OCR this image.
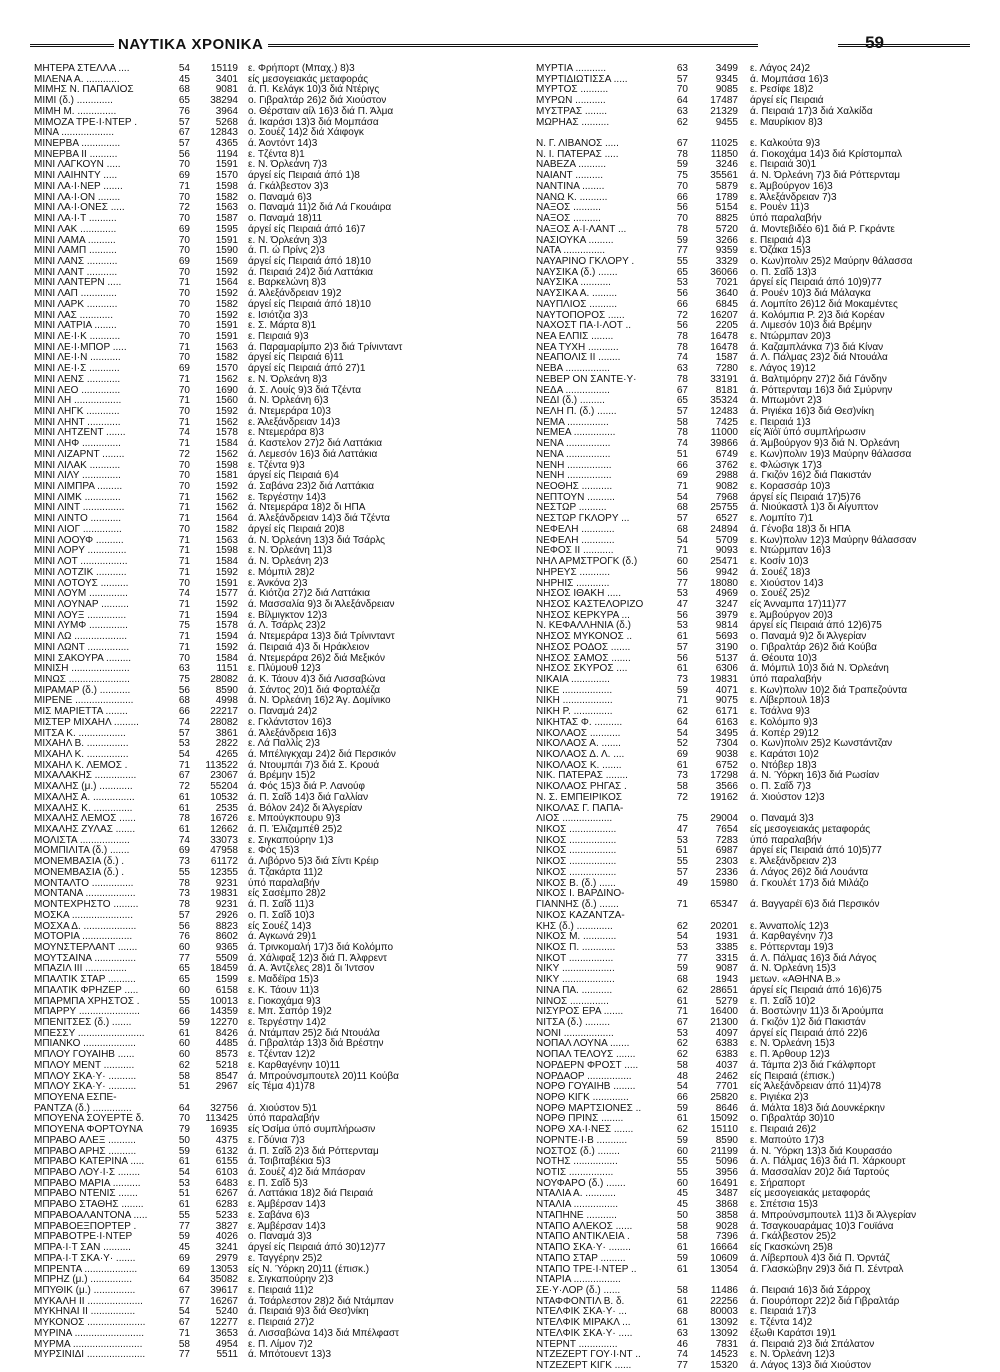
ΝΑΥΤΙΚΑ ΧΡΟΝΙΚΑ	59
ΜΗΤΕΡΑ ΣΤΕΛΛΑ ....	54	15119 ε. Φρήπορτ (Μπαχ.) 8)3
ΜΙΛΕΝΑ Α. ............	45	3401 είς μεσογειακάς μεταφοράς
ΜΙΜΗΣ Ν. ΠΑΠΑΛΙΟΣ	68	9081 ά. Π. Κελάγκ 10)3 διά Ντέριγς
ΜΙΜΙ (δ.) .............	65	38294 ο. Γιβραλτάρ 26)2 διά Χιούστον
ΜΙΜΗ Μ. ..............	76	3964 ο. Θέρσταιν αίλ 16)3 διά Π. Άλμα
ΜΙΜΟΖΑ ΤΡΕ·Ι·ΝΤΕΡ .	57	5268 ά. Ικαράσι 13)3 διά Μομπάσα
ΜΙΝΑ ...................	67	12843 ο. Σουέζ 14)2 διά Χάιφογκ
ΜΙΝΕΡΒΑ ..............	57	4365 ά. Άοντόντ 14)3
ΜΙΝΕΡΒΑ ΙΙ ..........	56	1194 ε. Τζέντα 8)1
ΜΙΝΙ ΛΑΓΚΟΥΝ .....	70	1591 ε. Ν. Όρλεάνη 7)3
ΜΙΝΙ ΛΑΙΗΝΤΥ .....	69	1570 άργεί είς Πειραιά άπό 1)8
ΜΙΝΙ ΛΑ·Ι·ΝΕΡ .......	71	1598 ά. Γκάλβεστον 3)3
ΜΙΝΙ ΛΑ·Ι·ΟΝ ........	70	1582 ο. Παναμά 6)3
ΜΙΝΙ ΛΑ·Ι·ΟΝΕΣ .....	72	1563 ο. Παναμά 11)2 διά Λά Γκουάιρα
ΜΙΝΙ ΛΑ·Ι·Τ ..........	70	1587 ο. Παναμά 18)11
ΜΙΝΙ ΛΑΚ .............	69	1595 άργεί είς Πειραιά άπό 16)7
ΜΙΝΙ ΛΑΜΑ ..........	70	1591 ε. Ν. Όρλεάνη 3)3
ΜΙΝΙ ΛΑΜΠ ..........	70	1590 ά. Π. ώ Πρίνς 2)3
ΜΙΝΙ ΛΑΝΣ ...........	69	1569 άργεί είς Πειραιά άπό 18)10
ΜΙΝΙ ΛΑΝΤ ...........	70	1592 ά. Πειραιά 24)2 διά Λαττάκια
ΜΙΝΙ ΛΑΝΤΕΡΝ .....	71	1564 ε. Βαρκελώνη 8)3
ΜΙΝΙ ΛΑΠ .............	70	1592 ά. Άλεξάνδρειαν 19)2
ΜΙΝΙ ΛΑΡΚ ...........	70	1582 άργεί είς Πειραιά άπό 18)10
ΜΙΝΙ ΛΑΣ ............	70	1592 ε. Ισιότζια 3)3
ΜΙΝΙ ΛΑΤΡΙΑ ........	70	1591 ε. Σ. Μάρτα 8)1
ΜΙΝΙ ΛΕ·Ι·Κ ...........	70	1591 ε. Πειραιά 9)3
ΜΙΝΙ ΛΕ·Ι·ΜΠΟΡ .....	71	1563 ά. Παραμαρίμπο 2)3 διά Τρίνινταντ
ΜΙΝΙ ΛΕ·Ι·Ν ...........	70	1582 άργεί είς Πειραιά 6)11
ΜΙΝΙ ΛΕ·Ι·Σ ...........	69	1570 άργεί είς Πειραιά άπό 27)1
ΜΙΝΙ ΛΕΝΣ ............	71	1562 ε. Ν. Όρλεάνη 8)3
ΜΙΝΙ ΛΕΟ ..............	70	1690 ά. Σ. Λουίς 9)3 διά Τζέντα
ΜΙΝΙ ΛΗ .................	71	1560 ά. Ν. Όρλεάνη 6)3
ΜΙΝΙ ΛΗΓΚ ............	70	1592 ά. Ντεμεράρα 10)3
ΜΙΝΙ ΛΗΝΤ ............	71	1562 ε. Άλεξάνδρειαν 14)3
ΜΙΝΙ ΛΗΤΖΕΝΤ .......	74	1578 ε. Ντεμεράρα 8)3
ΜΙΝΙ ΛΗΦ ..............	71	1584 ά. Καστελον 27)2 διά Λαττάκια
ΜΙΝΙ ΛΙΖΑΡΝΤ ........	72	1562 ά. Λεμεσόν 16)3 διά Λαττάκια
ΜΙΝΙ ΛΙΛΑΚ ...........	70	1598 ε. Τζέντα 9)3
ΜΙΝΙ ΛΙΛΥ ..............	70	1581 άργεί είς Πειραιά 6)4
ΜΙΝΙ ΛΙΜΠΡΑ .........	70	1592 ά. Σαβάνα 23)2 διά Λαττάκια
ΜΙΝΙ ΛΙΜΚ .............	71	1562 ε. Τεργέστην 14)3
ΜΙΝΙ ΛΙΝΤ ...............	71	1562 ά. Ντεμεράρα 18)2 δι ΗΠΑ
ΜΙΝΙ ΛΙΝΤΟ ...........	71	1564 ά. Άλεξάνδρειαν 14)3 διά Τζέντα
ΜΙΝΙ ΛΙΟΓ ..............	70	1582 άργεί είς Πειραιά 20)8
ΜΙΝΙ ΛΟΟΥΦ ..........	71	1563 ά. Ν. Όρλεάνη 13)3 διά Τσάρλς
ΜΙΝΙ ΛΟΡΥ ..............	71	1598 ε. Ν. Όρλεάνη 11)3
ΜΙΝΙ ΛΟΤ .................	71	1584 ά. Ν. Όρλεάνη 2)3
ΜΙΝΙ ΛΟΤΖΙΚ ...........	71	1592 ε. Μόμπιλ 28)2
ΜΙΝΙ ΛΟΤΟΥΣ ..........	70	1591 ε. Άνκόνα 2)3
ΜΙΝΙ ΛΟΥΜ ..............	74	1577 ά. Κιότζια 27)2 διά Λαττάκια
ΜΙΝΙ ΛΟΥΝΑΡ ..........	71	1592 ά. Μασσαλία 9)3 δι Άλεξάνδρειαν
ΜΙΝΙ ΛΟΥΞ ..............	71	1594 ε. Βίλμιγκτον 12)3
ΜΙΝΙ ΛΥΜΦ ..............	75	1578 ά. Λ. Τσάρλς 23)2
ΜΙΝΙ ΛΩ ...................	71	1594 ά. Ντεμεράρα 13)3 διά Τρίνινταντ
ΜΙΝΙ ΛΩΝΤ ...............	71	1592 ά. Πειραιά 4)3 δι Ηράκλειον
ΜΙΝΙ ΣΑΚΟΥΡΑ .........	70	1584 ά. Ντεμεράρα 26)2 διά Μεξικόν
ΜΙΝΙΣΗ .....................	63	1151 ε. Πλύμουθ 12)3
ΜΙΝΩΣ ......................	75	28082 ά. Κ. Τάουν 4)3 διά Λισσαβώνα
ΜΙΡΑΜΑΡ (δ.) ...........	56	8590 ά. Σάντος 20)1 διά Φορταλέζα
ΜΙΡΕΝΕ .....................	68	4998 ά. Ν. Όρλεάνη 16)2 Άγ. Δομίνικο
ΜΙΣ ΜΑΡΙΕΤΤΑ ........	66	22217 ο. Παναμά 24)2
ΜΙΣΤΕΡ ΜΙΧΑΗΛ .........	74	28082 ε. Γκλάντστον 16)3
ΜΙΤΣΑ Κ. .................	57	3861 ά. Άλεξάνδρεια 16)3
ΜΙΧΑΗΛ Β. ...............	53	2822 ε. Λά Παλλίς 2)3
ΜΙΧΑΗΛ Κ. ...............	54	4265 ά. Μπέλιγκχαμ 24)2 διά Περσικόν
ΜΙΧΑΗΛ Κ. ΛΕΜΟΣ .	71	113522 ά. Ντουμπάι 7)3 διά Σ. Κρουά
ΜΙΧΑΛΑΚΗΣ ...............	67	23067 ά. Βρέμην 15)2
ΜΙΧΑΛΗΣ (μ.) ............	72	55204 ά. Φός 15)3 διά Ρ. Λανούφ
ΜΙΧΑΛΗΣ Α. ...............	61	10532 ά. Π. Σαΐδ 14)3 διά Γαλλίαν
ΜΙΧΑΛΗΣ Κ. ..............	61	2535 ά. Βόλον 24)2 δι Άλγερίαν
ΜΙΧΑΛΗΣ ΛΕΜΟΣ ......	78	16726 ε. Μπούγκπουρυ 9)3
ΜΙΧΑΛΗΣ ΖΥΛΑΣ .......	61	12662 ά. Π. Έλιζαμπέθ 25)2
ΜΟΛΙΣΤΑ ..................	74	33073 ε. Σιγκαπούρην 1)3
ΜΟΜΠΙΛΙΤΑ (δ.) .......	69	47958 ε. Φός 15)3
ΜΟΝΕΜΒΑΣΙΑ (δ.) .	73	61172 ά. Λιβόρνο 5)3 διά Σίντι Κρέιρ
ΜΟΝΕΜΒΑΣΙΑ (δ.) .	55	12355 ά. Τζακάρτα 11)2
ΜΟΝΤΑΛΤΟ ...............	78	9231 ύπό παραλαβήν
ΜΟΝΤΑΝΑ ..................	73	19831 είς Σασέμπο 28)2
ΜΟΝΤΕΧΡΗΣΤΟ .........	78	9231 ά. Π. Σαΐδ 11)3
ΜΟΣΚΑ ......................	57	2926 ο. Π. Σαΐδ 10)3
ΜΟΣΧΑ Δ. ...................	56	8823 είς Σουέζ 14)3
ΜΟΤΟΡΙΑ ..................	76	8602 ά. Αγκωνά 29)1
ΜΟΥΝΣΤΕΡΛΑΝΤ .......	60	9365 ά. Τρινκομαλή 17)3 διά Κολόμπο
ΜΟΥΤΣΑΙΝΑ ...............	77	5509 ά. Χάλιφαξ 12)3 διά Π. Άλφρεντ
ΜΠΑΖΙΛ ΙΙΙ ...............	65	18459 ά. Α. Άντζελες 28)1 δι Ίντσον
ΜΠΑΛΤΙΚ ΣΤΑΡ ..........	65	1599 ε. Μαδέϊρα 15)3
ΜΠΑΛΤΙΚ ΦΡΗΖΕΡ .....	60	6158 ε. Κ. Τάουν 11)3
ΜΠΑΡΜΠΑ ΧΡΗΣΤΟΣ .	55	10013 ε. Γιοκοχάμα 9)3
ΜΠΑΡΡΥ ......................	66	14359 ε. Μπ. Σαπόρ 19)2
ΜΠΕΝΙΤΣΕΣ (δ.) .......	59	12270 ε. Τεργέστην 14)2
ΜΠΕΣΣΥ ........................	61	8426 ά. Ντάμπαν 25)2 διά Ντουάλα
ΜΠΙΑΝΚΟ ...................	60	4485 ά. Γιβραλτάρ 13)3 διά Βρέστην
ΜΠΛΟΥ ΓΟΥΑΙΗΒ ......	60	8573 ε. Τζένταν 12)2
ΜΠΛΟΥ ΜΕΝΤ ...........	62	5218 ε. Καρθαγένην 10)11
ΜΠΛΟΥ ΣΚΑ·Υ· ..........	58	8547 ά. Μπρούνσμπουτελ 20)11 Κούβα
ΜΠΛΟΥ ΣΚΑ·Υ· ..........	51	2967 είς Τέμα 4)1)78
ΜΠΟΥΕΝΑ ΕΣΠΕ-
ΡΑΝΤΖΑ (δ.) ..............	64	32756 ά. Χιούστον 5)1
ΜΠΟΥΕΝΑ ΣΟΥΕΡΤΕ δ.	70	113425 ύπό παραλαβήν
ΜΠΟΥΕΝΑ ΦΟΡΤΟΥΝΑ	79	16935 είς Όσίμα ύπό συμπλήρωσιν
ΜΠΡΑΒΟ ΑΛΕΞ ..........	50	4375 ε. Γδύνια 7)3
ΜΠΡΑΒΟ ΑΡΗΣ ..........	59	6132 ά. Π. Σαΐδ 2)3 διά Ρόττερνταμ
ΜΠΡΑΒΟ ΚΑΤΕΡΙΝΑ .....	61	6155 ά. Τσιβιταβέκια 5)3
ΜΠΡΑΒΟ ΛΟΥ·Ι·Σ ........	54	6103 ά. Σουέζ 4)2 διά Μπάσραν
ΜΠΡΑΒΟ ΜΑΡΙΑ ..........	53	6483 ε. Π. Σαΐδ 5)3
ΜΠΡΑΒΟ ΝΤΕΝΙΣ .......	51	6267 ά. Λαττάκια 18)2 διά Πειραιά
ΜΠΡΑΒΟ ΣΤΑΘΗΣ ........	61	6283 ε. Άμβέρσαν 14)3
ΜΠΡΑΒΟΑΛΑΝΤΟΝΑ .....	55	5233 ε. Σαβάνα 6)3
ΜΠΡΑΒΟΕΞΠΟΡΤΕΡ .	77	3827 ε. Άμβέρσαν 14)3
ΜΠΡΑΒΟΤΡΕ·Ι·ΝΤΕΡ	59	4026 ο. Παναμά 3)3
ΜΠΡΑ·Ι·Τ ΣΑΝ ..........	45	3241 άργεί είς Πειραιά άπό 30)12)77
ΜΠΡΑ·Ι·Τ ΣΚΑ·Υ· .......	69	2979 ε. Ταγγέρην 25)2
ΜΠΡΕΝΤΑ ...................	69	13053 είς Ν. Ύόρκη 20)11 (έπισκ.)
ΜΠΡΗΖ (μ.) ...............	64	35082 ε. Σιγκαπούρην 2)3
ΜΠΥΘΙΚ (μ.) ...............	67	39617 ε. Πειραιά 11)2
ΜΥΚΑΛΗ ΙΙ ....................	77	16267 ά. Τσάρλεστον 28)2 διά Ντάμπαν
ΜΥΚΗΝΑΙ ΙΙ ................	54	5240 ά. Πειραιά 9)3 διά Θεσ)νίκη
ΜΥΚΟΝΟΣ .....................	67	12277 ε. Πειραιά 27)2
ΜΥΡΙΝΑ .........................	71	3653 ά. Λισσαβώνα 14)3 διά Μπέλφαστ
ΜΥΡΜΑ .........................	58	4954 ε. Π. Λίμον 7)2
ΜΥΡΣΙΝΙΔΙ .....................	77	5511 ά. Μπότουεντ 13)3
ΜΥΡΤΙΑ ...........	63	3499 ε. Λάγος 24)2
ΜΥΡΤΙΔΙΩΤΙΣΣΑ .....	57	9345 ά. Μομπάσα 16)3
ΜΥΡΤΟΣ ..........	70	9085 ε. Ρεσίφε 18)2
ΜΥΡΩΝ ...........	64	17487 άργεί είς Πειραιά
ΜΥΣΤΡΑΣ ........	63	21329 ά. Πειραιά 17)3 διά Χαλκίδα
ΜΩΡΗΑΣ ..........	62	9455 ε. Μαυρίκιον 8)3
Ν. Γ. ΛΙΒΑΝΟΣ .....	67	11025 ε. Καλκούτα 9)3
Ν. Ι. ΠΑΤΕΡΑΣ .....	78	11850 ά. Γιοκοχάμα 14)3 διά Κρίστομπαλ
ΝΑΒΕΖΑ ..........	59	3246 ε. Πειραιά 30)1
ΝΑΙΑΝΤ ..........	75	35561 ά. Ν. Όρλεάνη 7)3 διά Ρόττερνταμ
ΝΑΝΤΙΝΑ ........	70	5879 ε. Άμβούργον 16)3
ΝΑΝΩ Κ. ..........	66	1789 ε. Άλεξάνδρειαν 7)3
ΝΑΞΟΣ ..........	56	5154 ε. Ρουέν 11)3
ΝΑΞΟΣ ..........	70	8825 ύπό παραλαβήν
ΝΑΞΟΣ Α·Ι·ΛΑΝΤ ...	78	5720 ά. Μοντεβιδέο 6)1 διά Ρ. Γκράντε
ΝΑΣΙΟΥΚΑ .........	59	3266 ε. Πειραιά 4)3
ΝΑΤΑ ...............	77	9359 ε. Όζάκα 15)3
ΝΑΥΑΡΙΝΟ ΓΚΛΟΡΥ .	55	3329 ο. Κων)πολιν 25)2 Μαύρην θάλασσα
ΝΑΥΣΙΚΑ (δ.) .......	65	36066 ο. Π. Σαΐδ 13)3
ΝΑΥΣΙΚΑ ...........	53	7021 άργεί είς Πειραιά άπό 10)9)77
ΝΑΥΣΙΚΑ Α. .........	56	3640 ά. Ρουέν 10)3 διά Μάλαγκα
ΝΑΥΠΛΙΟΣ ..........	66	6845 ά. Λομπίτο 26)12 διά Μοκαμέντες
ΝΑΥΤΟΠΟΡΟΣ ......	72	16207 ά. Κολόμπια Ρ. 2)3 διά Κορέαν
ΝΑΧΟΣΤ ΠΑ·Ι·ΛΟΤ ..	56	2205 ά. Λιμεσόν 10)3 διά Βρέμην
ΝΕΑ ΕΛΠΙΣ ........	78	16478 ε. Ντώρμπαν 20)3
ΝΕΑ ΤΥΧΗ ...........	78	16478 ά. Καζαμπλάνκα 7)3 διά Κίναν
ΝΕΑΠΟΛΙΣ ΙΙ ........	74	1587 ά. Λ. Πάλμας 23)2 διά Ντουάλα
ΝΕΒΑ ................	63	7280 ε. Λάγος 19)12
ΝΕΒΕΡ ΟΝ ΣΑΝΤΕ·Υ·	78	33191 ά. Βαλτιμόρην 27)2 διά Γάνδην
ΝΕΔΑ ................	67	8181 ά. Ρόττερνταμ 16)3 διά Σμύρνην
ΝΕΔΙ (δ.) .........	65	35324 ά. Μπωμόντ 2)3
ΝΕΛΗ Π. (δ.) .......	57	12483 ά. Ριγιέκα 16)3 διά Θεσ)νίκη
ΝΕΜΑ ...............	58	7425 ε. Πειραιά 1)3
ΝΕΜΕΑ ...............	78	11000 είς Άϊόϊ ύπό συμπλήρωσιν
ΝΕΝΑ ................	74	39866 ά. Άμβούργον 9)3 διά Ν. Όρλεάνη
ΝΕΝΑ ................	51	6749 ε. Κων)πολιν 19)3 Μαύρην θάλασσα
ΝΕΝΗ ................	66	3762 ε. Φλώσιγκ 17)3
ΝΕΝΗ ................	69	2988 ά. Γκιζόν 16)2 διά Πακιστάν
ΝΕΟΘΗΣ ...........	71	9082 ε. Κορασσάρ 10)3
ΝΕΠΤΟΥΝ ..........	54	7968 άργεί είς Πειραιά 17)5)76
ΝΕΣΤΩΡ ..........	68	25755 ά. Νιούκαστλ 1)3 δι Αίγυπτον
ΝΕΣΤΩΡ ΓΚΛΟΡΥ ...	57	6527 ε. Λομπίτο 7)1
ΝΕΦΕΛΗ ............	68	24894 ά. Γένοβα 18)3 δι ΗΠΑ
ΝΕΦΕΛΗ ............	54	5709 ε. Κων)πολιν 12)3 Μαύρην θάλασσαν
ΝΕΦΟΣ ΙΙ ...........	71	9093 ε. Ντώρμπαν 16)3
ΝΗΛ ΑΡΜΣΤΡΟΓΚ (δ.)	60	25471 ε. Κοσίν 10)3
ΝΗΡΕΥΣ ...........	56	9942 ά. Σουέζ 18)3
ΝΗΡΗΙΣ ............	77	18080 ε. Χιούστον 14)3
ΝΗΣΟΣ ΙΘΑΚΗ .....	53	4969 ο. Σουέζ 25)2
ΝΗΣΟΣ ΚΑΣΤΕΛΟΡΙΖΟ	47	3247 είς Άνναμπα 17)11)77
ΝΗΣΟΣ ΚΕΡΚΥΡΑ ...	56	3979 ε. Άμβούργον 20)3
Ν. ΚΕΦΑΛΛΗΝΙΑ (δ.)	53	9814 άργεί είς Πειραιά άπό 12)6)75
ΝΗΣΟΣ ΜΥΚΟΝΟΣ ..	61	5693 ο. Παναμά 9)2 δι Άλγερίαν
ΝΗΣΟΣ ΡΟΔΟΣ .......	57	3190 ο. Γιβραλτάρ 26)2 διά Κούβα
ΝΗΣΟΣ ΣΑΜΟΣ .......	56	5137 ά. Θέουτα 10)3
ΝΗΣΟΣ ΣΚΥΡΟΣ ....	61	6306 ά. Μόμπιλ 10)3 διά Ν. Όρλεάνη
ΝΙΚΑΙΑ ..............	73	19831 ύπό παραλαβήν
ΝΙΚΕ ..................	59	4071 ε. Κων)πολιν 10)2 διά Τραπεζούντα
ΝΙΚΗ ..................	71	9075 ε. Λίβερπουλ 18)3
ΝΙΚΗ Ρ. ..............	62	6171 ε. Τσάλνα 9)3
ΝΙΚΗΤΑΣ Φ. ..........	64	6163 ε. Κολόμπο 9)3
ΝΙΚΟΛΑΟΣ ...........	54	3495 ά. Κοπέρ 29)12
ΝΙΚΟΛΑΟΣ Α. .......	52	7304 ο. Κων)πολιν 25)2 Κωνστάντζαν
ΝΙΚΟΛΑΟΣ Δ. Λ. ....	69	9038 ε. Καράτσι 10)2
ΝΙΚΟΛΑΟΣ Κ. .......	61	6752 ο. Ντόβερ 18)3
ΝΙΚ. ΠΑΤΕΡΑΣ ........	73	17298 ά. Ν. Ύόρκη 16)3 διά Ρωσίαν
ΝΙΚΟΛΑΟΣ ΡΗΓΑΣ .	58	3566 ο. Π. Σαΐδ 7)3
Ν. Σ. ΕΜΠΕΙΡΙΚΟΣ	72	19162 ά. Χιούστον 12)3
ΝΙΚΟΛΑΣ Γ. ΠΑΠΑ-
ΛΙΟΣ ..................	75	29004 ο. Παναμά 3)3
ΝΙΚΟΣ .................	47	7654 είς μεσογειακάς μεταφοράς
ΝΙΚΟΣ .................	53	7283 ύπό παραλαβήν
ΝΙΚΟΣ .................	51	6987 άργεί είς Πειραιά άπό 10)5)77
ΝΙΚΟΣ .................	55	2303 ε. Άλεξάνδρειαν 2)3
ΝΙΚΟΣ .................	57	2336 ά. Λάγος 26)2 διά Λουάντα
ΝΙΚΟΣ Β. (δ.) ......	49	15980 ά. Γκουλέτ 17)3 διά Μιλάζο
ΝΙΚΟΣ Ι. ΒΑΡΔΙΝΟ-
ΓΙΑΝΝΗΣ (δ.) .......	71	65347 ά. Βαγγαρέϊ 6)3 διά Περσικόν
ΝΙΚΟΣ ΚΑΖΑΝΤΖΑ-
ΚΗΣ (δ.) .............	62	20201 ε. Άνναπολίς 12)3
ΝΙΚΟΣ Μ. ............	54	1931 ά. Καρθαγένην 7)3
ΝΙΚΟΣ Π. ............	53	3385 ε. Ρόττερνταμ 19)3
ΝΙΚΟΤ ................	77	3315 ά. Λ. Πάλμας 16)3 διά Λάγος
ΝΙΚΥ ...................	59	9087 ά. Ν. Όρλεάνη 15)3
ΝΙΚΥ ...................	68	1943 μετων. «ΑΘΗΝΑ Β.»
ΝΙΝΑ ΠΑ. ...........	62	28651 άργεί είς Πειραιά άπό 16)6)75
ΝΙΝΟΣ ..............	61	5279 ε. Π. Σαΐδ 10)2
ΝΙΣΥΡΟΣ ΕΡΑ .......	71	16400 ά. Βοστώνην 11)3 δι Άρούμπα
ΝΙΤΣΑ (δ.) .........	67	21300 ά. Γκιζόν 1)2 διά Πακιστάν
ΝΟΝΙ ..................	53	4097 άργεί είς Πειραιά άπό 22)6
ΝΟΠΑΛ ΛΟΥΝΑ .......	62	6383 ε. Ν. Όρλεάνη 15)3
ΝΟΠΑΛ ΤΕΛΟΥΣ .......	62	6383 ε. Π. Άρθουρ 12)3
ΝΟΡΔΕΡΝ ΦΡΟΣΤ .....	58	4037 ά. Τάμπα 2)3 διά Γκάλφπορτ
ΝΟΡΔΑΟΡ ................	48	2462 είς Πειραιά (έπισκ.)
ΝΟΡΘ ΓΟΥΑΙΗΒ ........	54	7701 είς Άλεξάνδρειαν άπό 11)4)78
ΝΟΡΘ ΚΙΓΚ .............	66	25820 ε. Ριγιέκα 2)3
ΝΟΡΘ ΜΑΡΤΣΙΟΝΕΣ ..	59	8646 ά. Μάλτα 18)3 διά Δουνκέρκην
ΝΟΡΘ ΠΡΙΝΣ ........	61	15092 ο. Γιβραλτάρ 30)10
ΝΟΡΘ ΧΑ·Ι·ΝΕΣ .......	62	15110 ε. Πειραιά 26)2
ΝΟΡΝΤΕ·Ι·Β ...........	59	8590 ε. Μαπούτο 17)3
ΝΟΣΤΟΣ (δ.) ........	60	21199 ά. Ν. Ύόρκη 13)3 διά Κουρασάο
ΝΟΤΗΣ ................	55	5096 ά. Λ. Πάλμας 16)3 διά Π. Χάρκουρτ
ΝΟΤΙΣ ................	55	3956 ά. Μασσαλίαν 20)2 διά Ταρτούς
ΝΟΥΦΑΡΟ (δ.) .......	60	16491 ε. Σήραπορτ
ΝΤΑΛΙΑ Α. ...........	45	3487 είς μεσογειακάς μεταφοράς
ΝΤΑΛΙΑ ................	45	3868 ε. Σπέτσια 15)3
ΝΤΑΠΗΝΕ ...........	50	3858 ά. Μπρούνσμπουτελ 11)3 δι Άλγερίαν
ΝΤΑΠΟ ΑΛΕΚΟΣ ......	58	9028 ά. Τσαγκουαράμας 10)3 Γουϊάνα
ΝΤΑΠΟ ΑΝΤΙΚΛΕΙΑ .	58	7396 ά. Γκάλβεστον 25)2
ΝΤΑΠΟ ΣΚΑ·Υ· ........	61	16664 είς Γκασκώνη 25)8
ΝΤΑΠΟ ΣΤΑΡ .........	59	10609 ά. Λίβερπουλ 4)3 διά Π. Όρντάζ
ΝΤΑΠΟ ΤΡΕ·Ι·ΝΤΕΡ ..	61	13054 ά. Γλασκώβην 29)3 διά Π. Σέντραλ
ΝΤΑΡΙΑ .................
ΣΕ·Υ·ΛΟΡ (δ.) ......	58	11486 ά. Πειραιά 16)3 διά Σάρροχ
ΝΤΑΦΦΟΝΤΙΛ Β. δ.	61	22256 ά. Γιουρόπορτ 22)2 διά Γιβραλτάρ
ΝΤΕΛΦΙΚ ΣΚΑ·Υ· ...	68	80003 ε. Πειραιά 17)3
ΝΤΕΛΦΙΚ ΜΙΡΑΚΛ ...	61	13092 ε. Τζέντα 14)2
ΝΤΕΛΦΙΚ ΣΚΑ·Υ· .....	63	13092 έξωθι Καράτσι 19)1
ΝΤΕΡΝΤ ..............	46	7831 ά. Πειραιά 2)3 διά Σπάλατον
ΝΤΖΕΖΕΡΤ ΓΟΥ·Ι·ΝΤ ..	74	14523 ε. Ν. Όρλεάνη 12)3
ΝΤΖΕΖΕΡΤ ΚΙΓΚ ......	77	15320 ά. Λάγος 13)3 διά Χιούστον
